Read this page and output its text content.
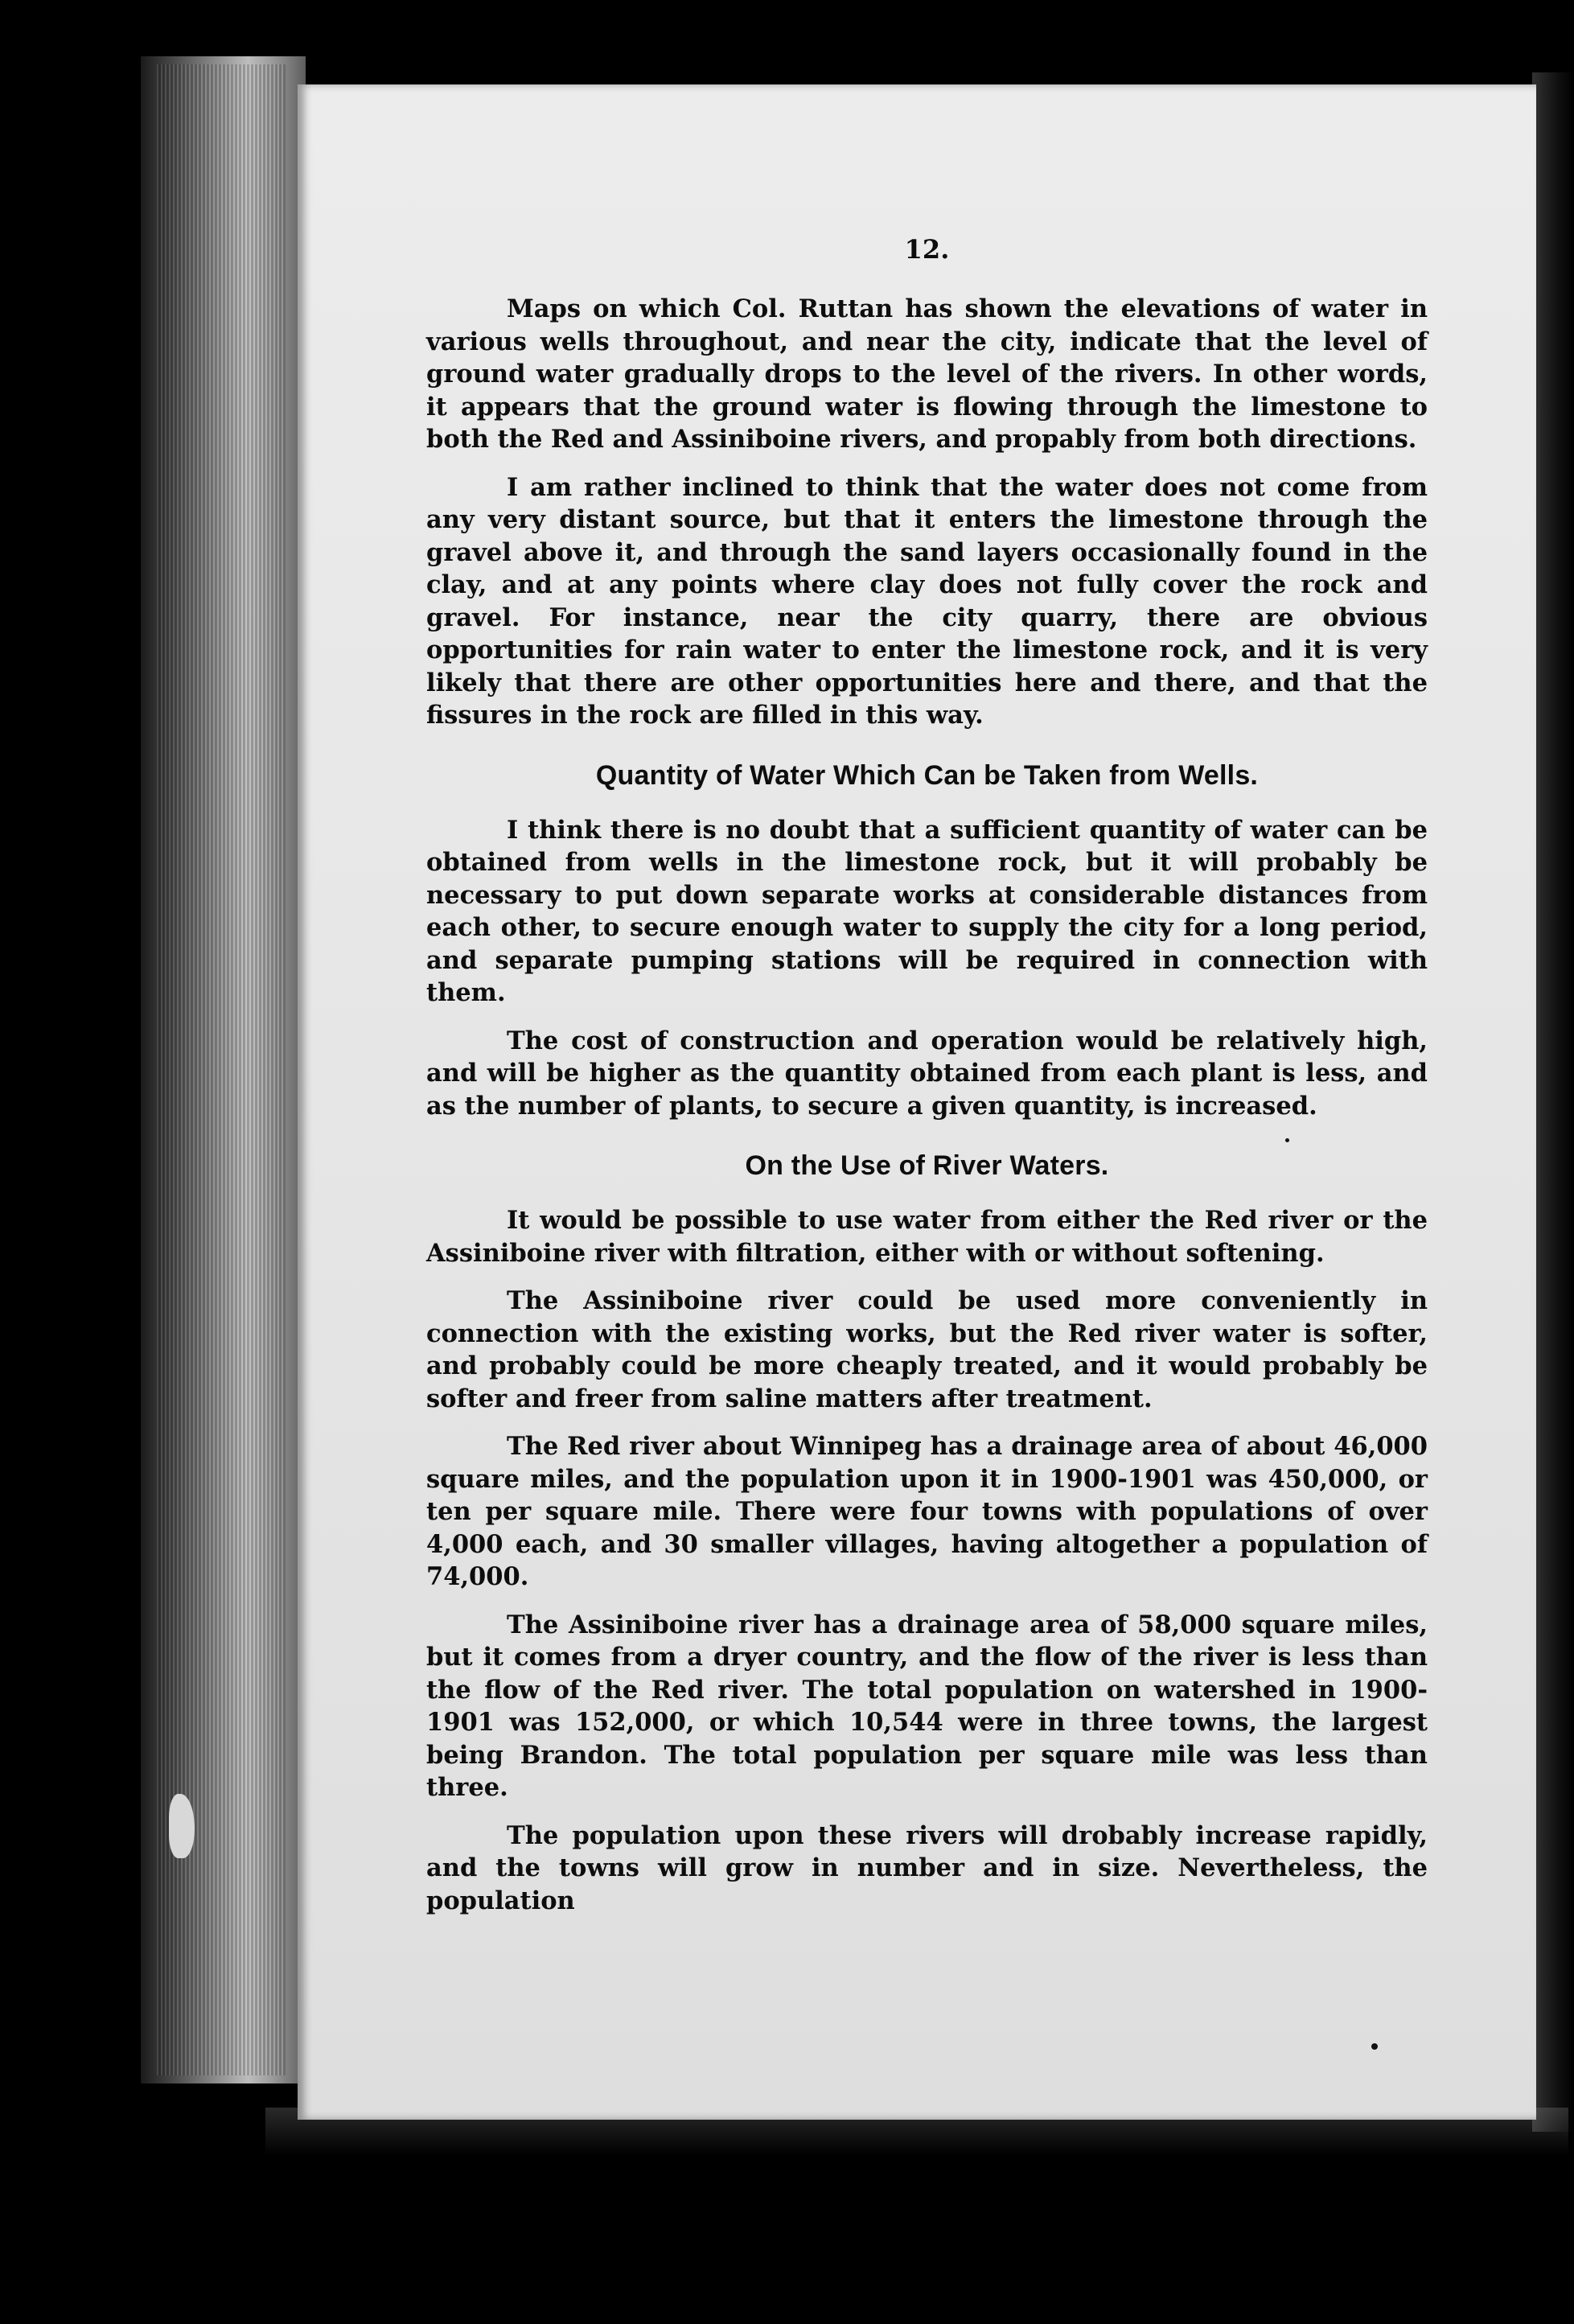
12.

Maps on which Col. Ruttan has shown the elevations of water in various wells throughout, and near the city, indicate that the level of ground water gradually drops to the level of the rivers. In other words, it appears that the ground water is flowing through the limestone to both the Red and Assiniboine rivers, and propably from both directions.

I am rather inclined to think that the water does not come from any very distant source, but that it enters the limestone through the gravel above it, and through the sand layers occasionally found in the clay, and at any points where clay does not fully cover the rock and gravel. For instance, near the city quarry, there are obvious opportunities for rain water to enter the limestone rock, and it is very likely that there are other opportunities here and there, and that the fissures in the rock are filled in this way.

Quantity of Water Which Can be Taken from Wells.

I think there is no doubt that a sufficient quantity of water can be obtained from wells in the limestone rock, but it will probably be necessary to put down separate works at considerable distances from each other, to secure enough water to supply the city for a long period, and separate pumping stations will be required in connection with them.

The cost of construction and operation would be relatively high, and will be higher as the quantity obtained from each plant is less, and as the number of plants, to secure a given quantity, is increased.

On the Use of River Waters.

It would be possible to use water from either the Red river or the Assiniboine river with filtration, either with or without softening.

The Assiniboine river could be used more conveniently in connection with the existing works, but the Red river water is softer, and probably could be more cheaply treated, and it would probably be softer and freer from saline matters after treatment.

The Red river about Winnipeg has a drainage area of about 46,000 square miles, and the population upon it in 1900-1901 was 450,000, or ten per square mile. There were four towns with populations of over 4,000 each, and 30 smaller villages, having altogether a population of 74,000.

The Assiniboine river has a drainage area of 58,000 square miles, but it comes from a dryer country, and the flow of the river is less than the flow of the Red river. The total population on watershed in 1900-1901 was 152,000, or which 10,544 were in three towns, the largest being Brandon. The total population per square mile was less than three.

The population upon these rivers will drobably increase rapidly, and the towns will grow in number and in size. Nevertheless, the population
